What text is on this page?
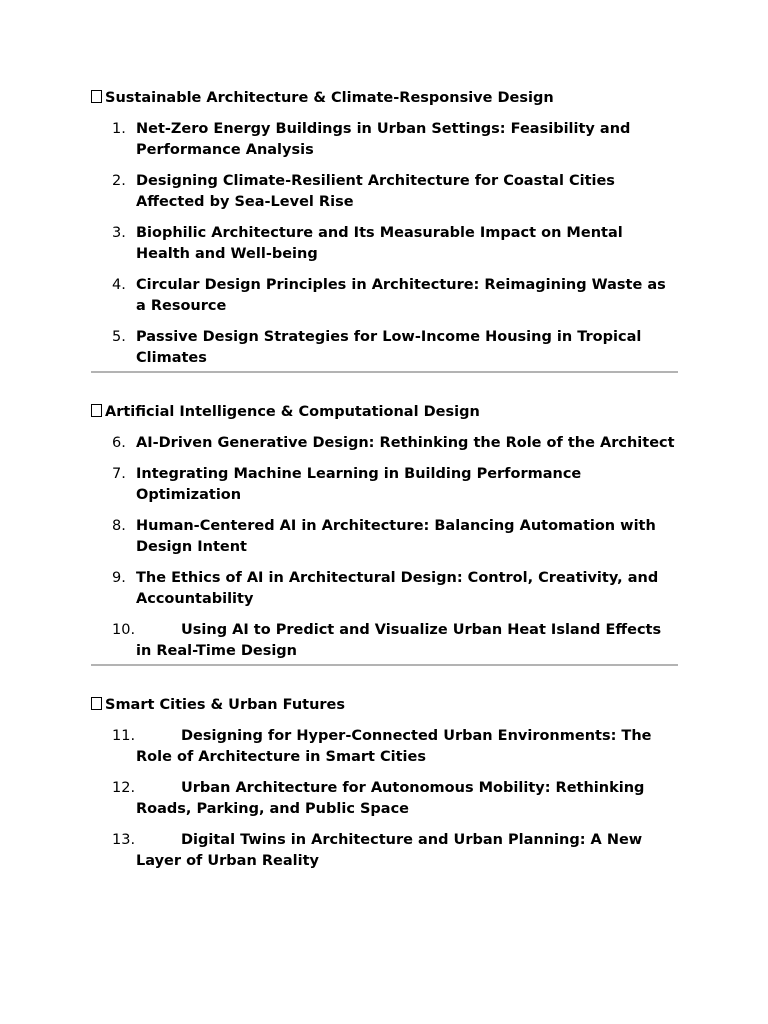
Sustainable Architecture & Climate-Responsive Design
1. Net-Zero Energy Buildings in Urban Settings: Feasibility and Performance Analysis
2. Designing Climate-Resilient Architecture for Coastal Cities Affected by Sea-Level Rise
3. Biophilic Architecture and Its Measurable Impact on Mental Health and Well-being
4. Circular Design Principles in Architecture: Reimagining Waste as a Resource
5. Passive Design Strategies for Low-Income Housing in Tropical Climates
Artificial Intelligence & Computational Design
6. AI-Driven Generative Design: Rethinking the Role of the Architect
7. Integrating Machine Learning in Building Performance Optimization
8. Human-Centered AI in Architecture: Balancing Automation with Design Intent
9. The Ethics of AI in Architectural Design: Control, Creativity, and Accountability
10.	Using AI to Predict and Visualize Urban Heat Island Effects in Real-Time Design
Smart Cities & Urban Futures
11.	Designing for Hyper-Connected Urban Environments: The Role of Architecture in Smart Cities
12.	Urban Architecture for Autonomous Mobility: Rethinking Roads, Parking, and Public Space
13.	Digital Twins in Architecture and Urban Planning: A New Layer of Urban Reality
